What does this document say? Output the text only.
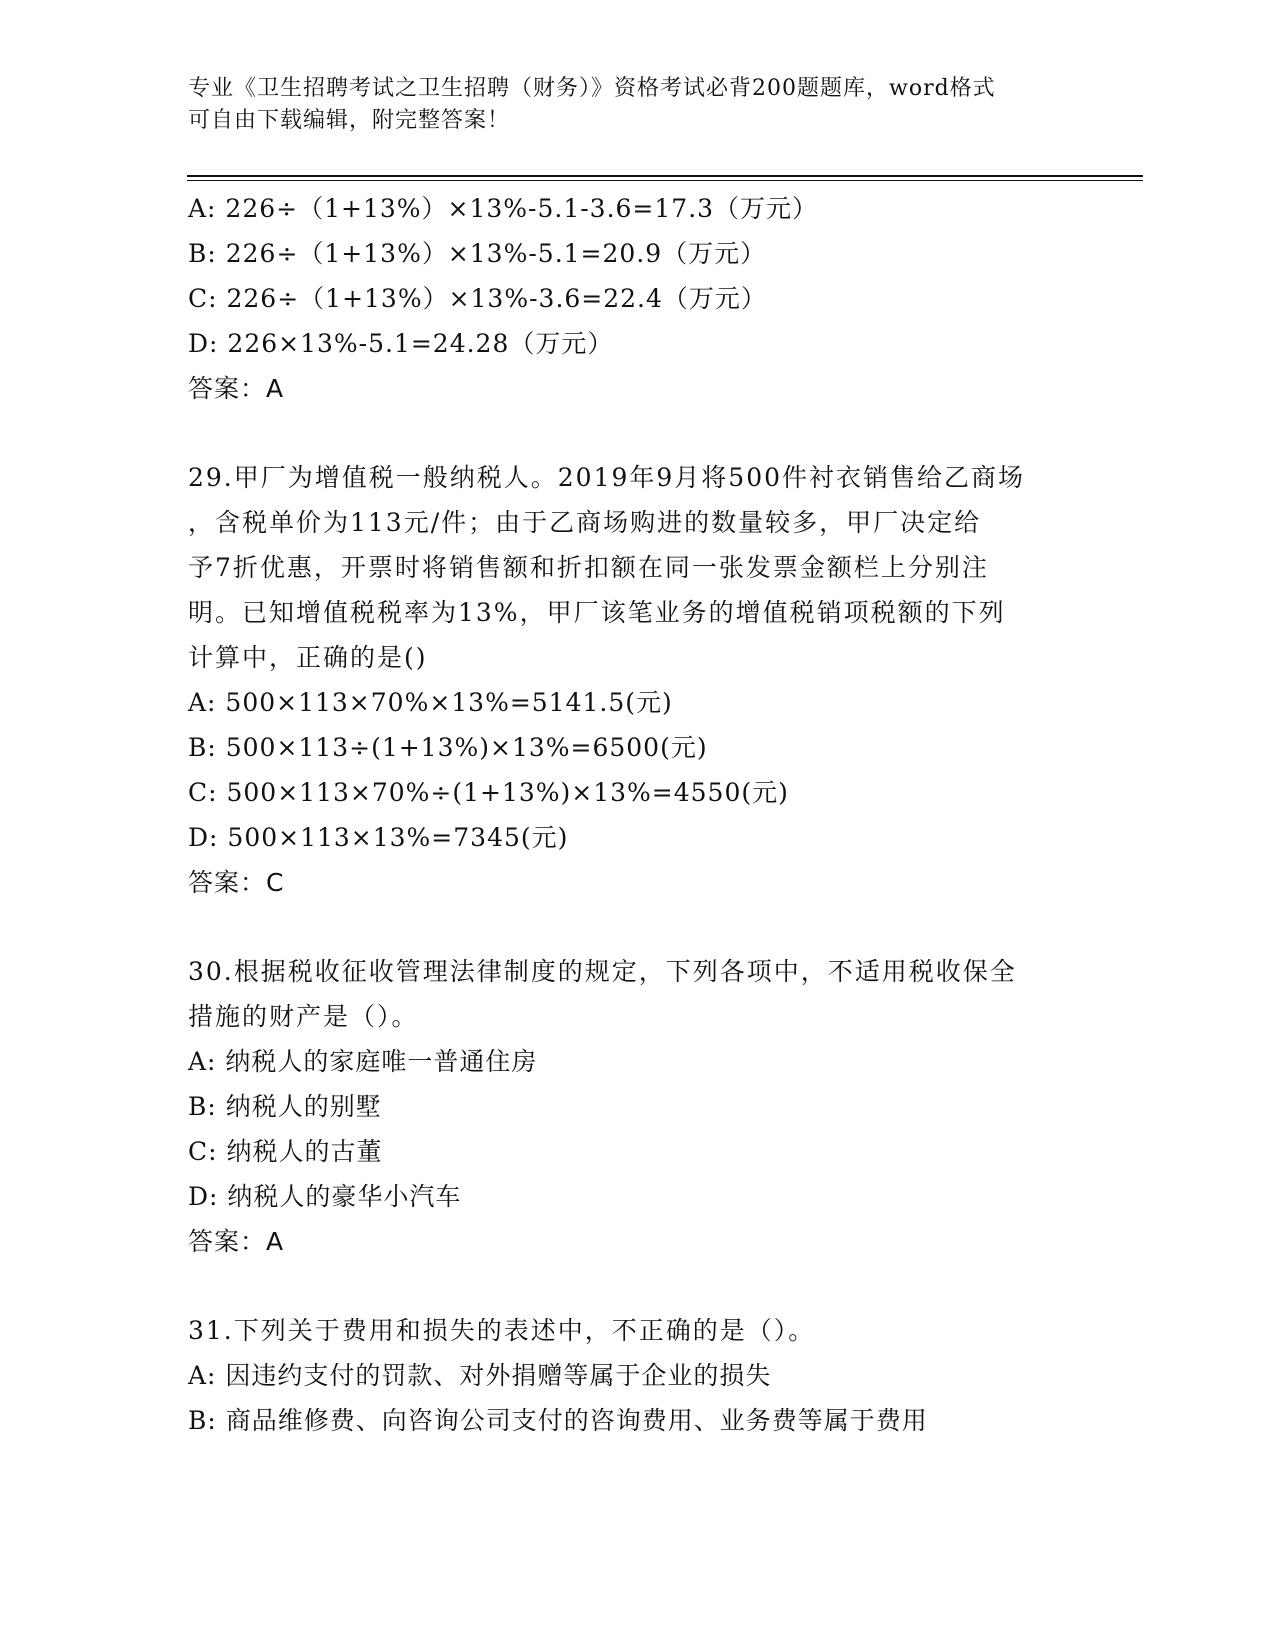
专业《卫生招聘考试之卫生招聘（财务）》资格考试必背200题题库，word格式
可自由下载编辑，附完整答案！
A: 226÷（1+13%）×13%-5.1-3.6=17.3（万元）
B: 226÷（1+13%）×13%-5.1=20.9（万元）
C: 226÷（1+13%）×13%-3.6=22.4（万元）
D: 226×13%-5.1=24.28（万元）
答案：A
29.甲厂为增值税一般纳税人。2019年9月将500件衬衣销售给乙商场
，含税单价为113元/件；由于乙商场购进的数量较多，甲厂决定给
予7折优惠，开票时将销售额和折扣额在同一张发票金额栏上分别注
明。已知增值税税率为13%，甲厂该笔业务的增值税销项税额的下列
计算中，正确的是()
A: 500×113×70%×13%=5141.5(元)
B: 500×113÷(1+13%)×13%=6500(元)
C: 500×113×70%÷(1+13%)×13%=4550(元)
D: 500×113×13%=7345(元)
答案：C
30.根据税收征收管理法律制度的规定，下列各项中，不适用税收保全
措施的财产是（）。
A: 纳税人的家庭唯一普通住房
B: 纳税人的别墅
C: 纳税人的古董
D: 纳税人的豪华小汽车
答案：A
31.下列关于费用和损失的表述中，不正确的是（）。
A: 因违约支付的罚款、对外捐赠等属于企业的损失
B: 商品维修费、向咨询公司支付的咨询费用、业务费等属于费用
